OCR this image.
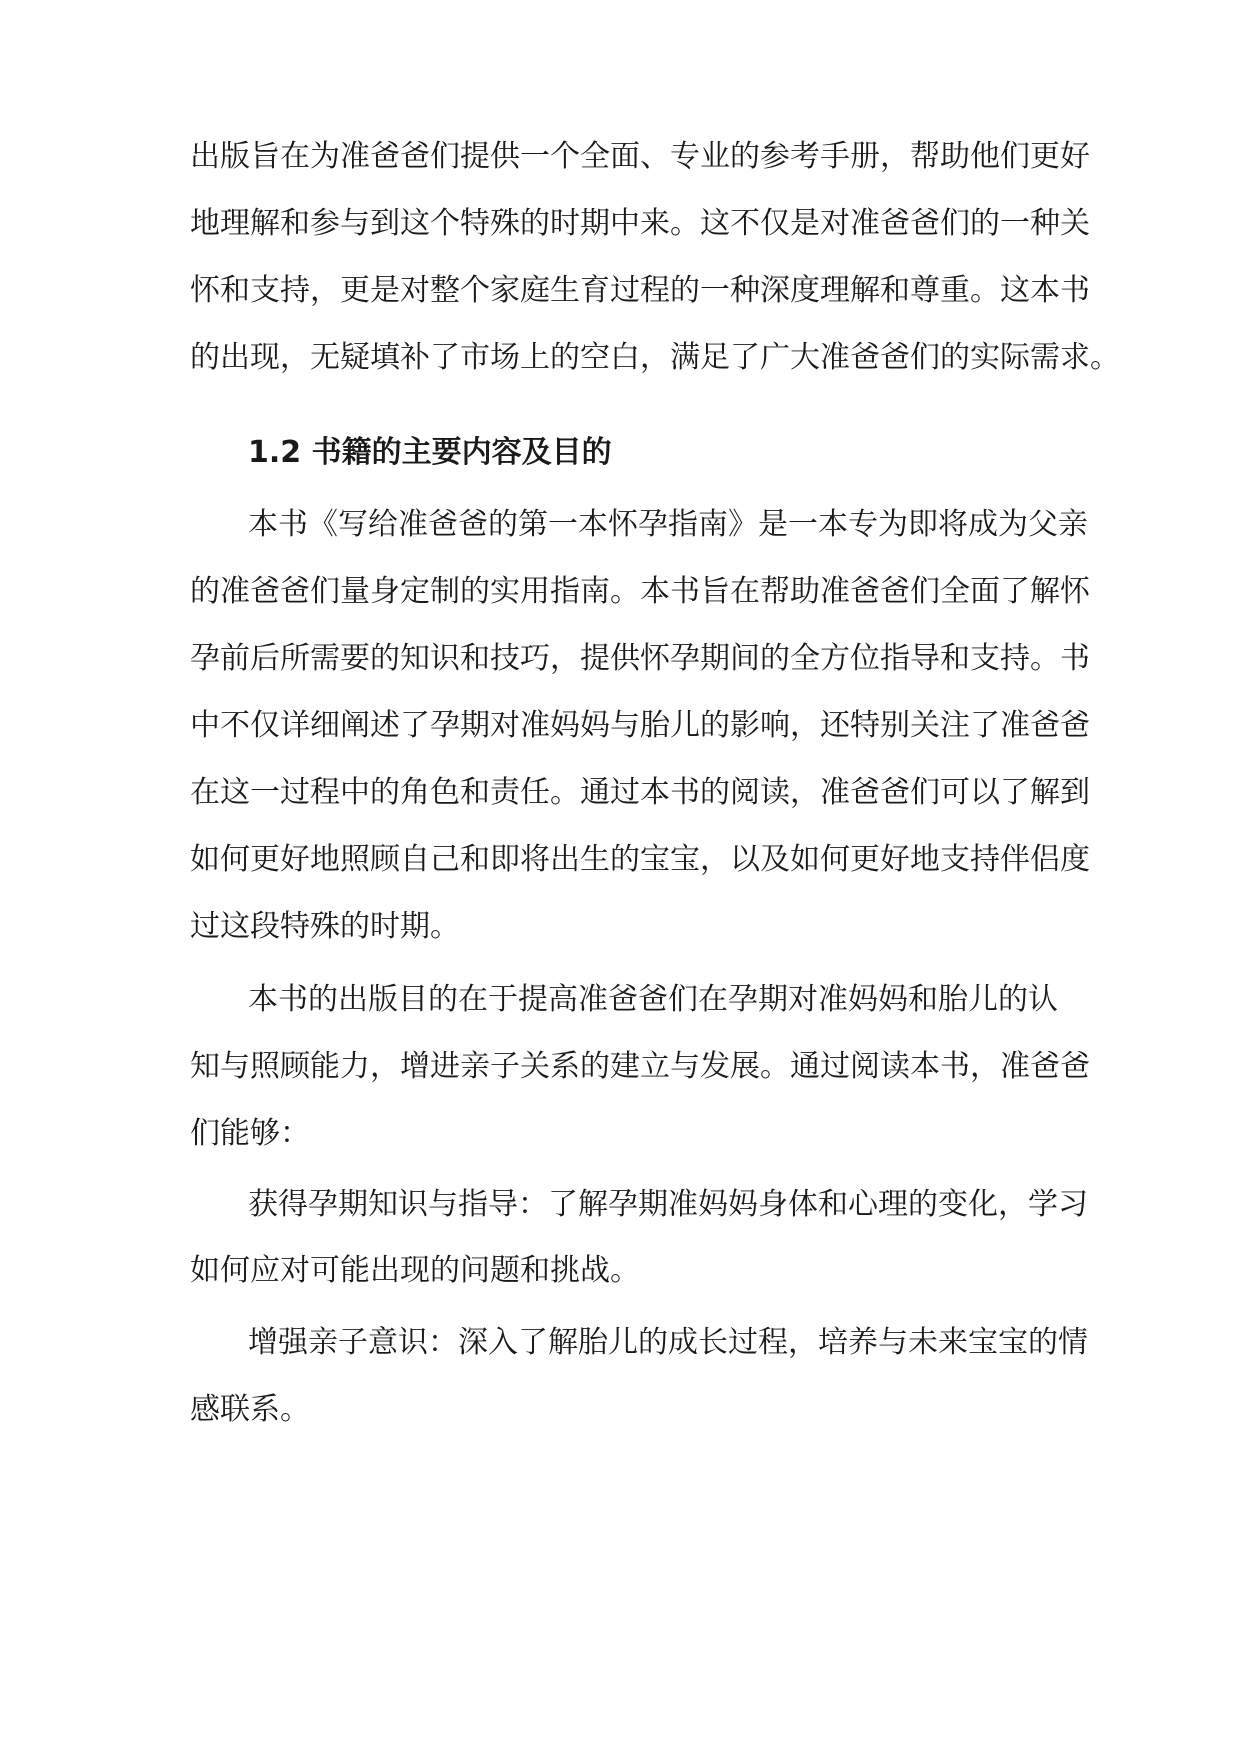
出版旨在为准爸爸们提供一个全面、专业的参考手册，帮助他们更好
地理解和参与到这个特殊的时期中来。这不仅是对准爸爸们的一种关
怀和支持，更是对整个家庭生育过程的一种深度理解和尊重。这本书
的出现，无疑填补了市场上的空白，满足了广大准爸爸们的实际需求。
1.2 书籍的主要内容及目的
本书《写给准爸爸的第一本怀孕指南》是一本专为即将成为父亲
的准爸爸们量身定制的实用指南。本书旨在帮助准爸爸们全面了解怀
孕前后所需要的知识和技巧，提供怀孕期间的全方位指导和支持。书
中不仅详细阐述了孕期对准妈妈与胎儿的影响，还特别关注了准爸爸
在这一过程中的角色和责任。通过本书的阅读，准爸爸们可以了解到
如何更好地照顾自己和即将出生的宝宝，以及如何更好地支持伴侣度
过这段特殊的时期。
本书的出版目的在于提高准爸爸们在孕期对准妈妈和胎儿的认
知与照顾能力，增进亲子关系的建立与发展。通过阅读本书，准爸爸
们能够：
获得孕期知识与指导：了解孕期准妈妈身体和心理的变化，学习
如何应对可能出现的问题和挑战。
增强亲子意识：深入了解胎儿的成长过程，培养与未来宝宝的情
感联系。
